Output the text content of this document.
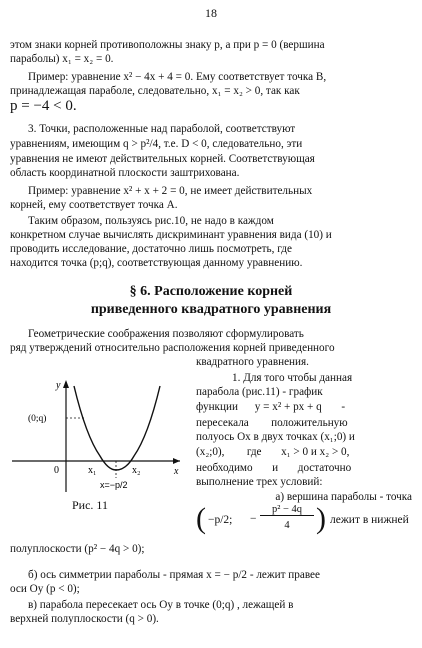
18
этом знаки корней противоположны знаку p, а при p = 0 (вершина
параболы) x₁ = x₂ = 0.
Пример: уравнение x² − 4x + 4 = 0. Ему соответствует точка B,
принадлежащая параболе, следовательно, x₁ = x₂ > 0, так как
p = −4 < 0.
3. Точки, расположенные над параболой, соответствуют
уравнениям, имеющим q > p²/4, т.е. D < 0, следовательно, эти
уравнения не имеют действительных корней. Соответствующая
область координатной плоскости заштрихована.
Пример: уравнение x² + x + 2 = 0, не имеет действительных
корней, ему соответствует точка A.
Таким образом, пользуясь рис.10, не надо в каждом
конкретном случае вычислять дискриминант уравнения вида (10) и
проводить исследование, достаточно лишь посмотреть, где
находится точка (p;q), соответствующая данному уравнению.
§ 6. Расположение корней
приведенного квадратного уравнения
Геометрические соображения позволяют сформулировать
ряд утверждений относительно расположения корней приведенного
квадратного уравнения.
y
(0;q)
0	x₁	x₂	x
x=−p/2
Рис. 11
1. Для того чтобы данная
парабола (рис.11) - график
функции      y = x² + px + q       -
пересекала        положительную
полуось Ox в двух точках (x₁;0) и
(x₂;0),        где       x₁ > 0 и x₂ > 0,
необходимо       и       достаточно
выполнение трех условий:
а) вершина параболы - точка
( −p/2; −
p² − 4q
4 ) лежит в нижней
полуплоскости (p² − 4q > 0);
б) ось симметрии параболы - прямая x = − p/2 - лежит правее
оси Oy (p < 0);
в) парабола пересекает ось Oy в точке (0;q) , лежащей в
верхней полуплоскости (q > 0).
